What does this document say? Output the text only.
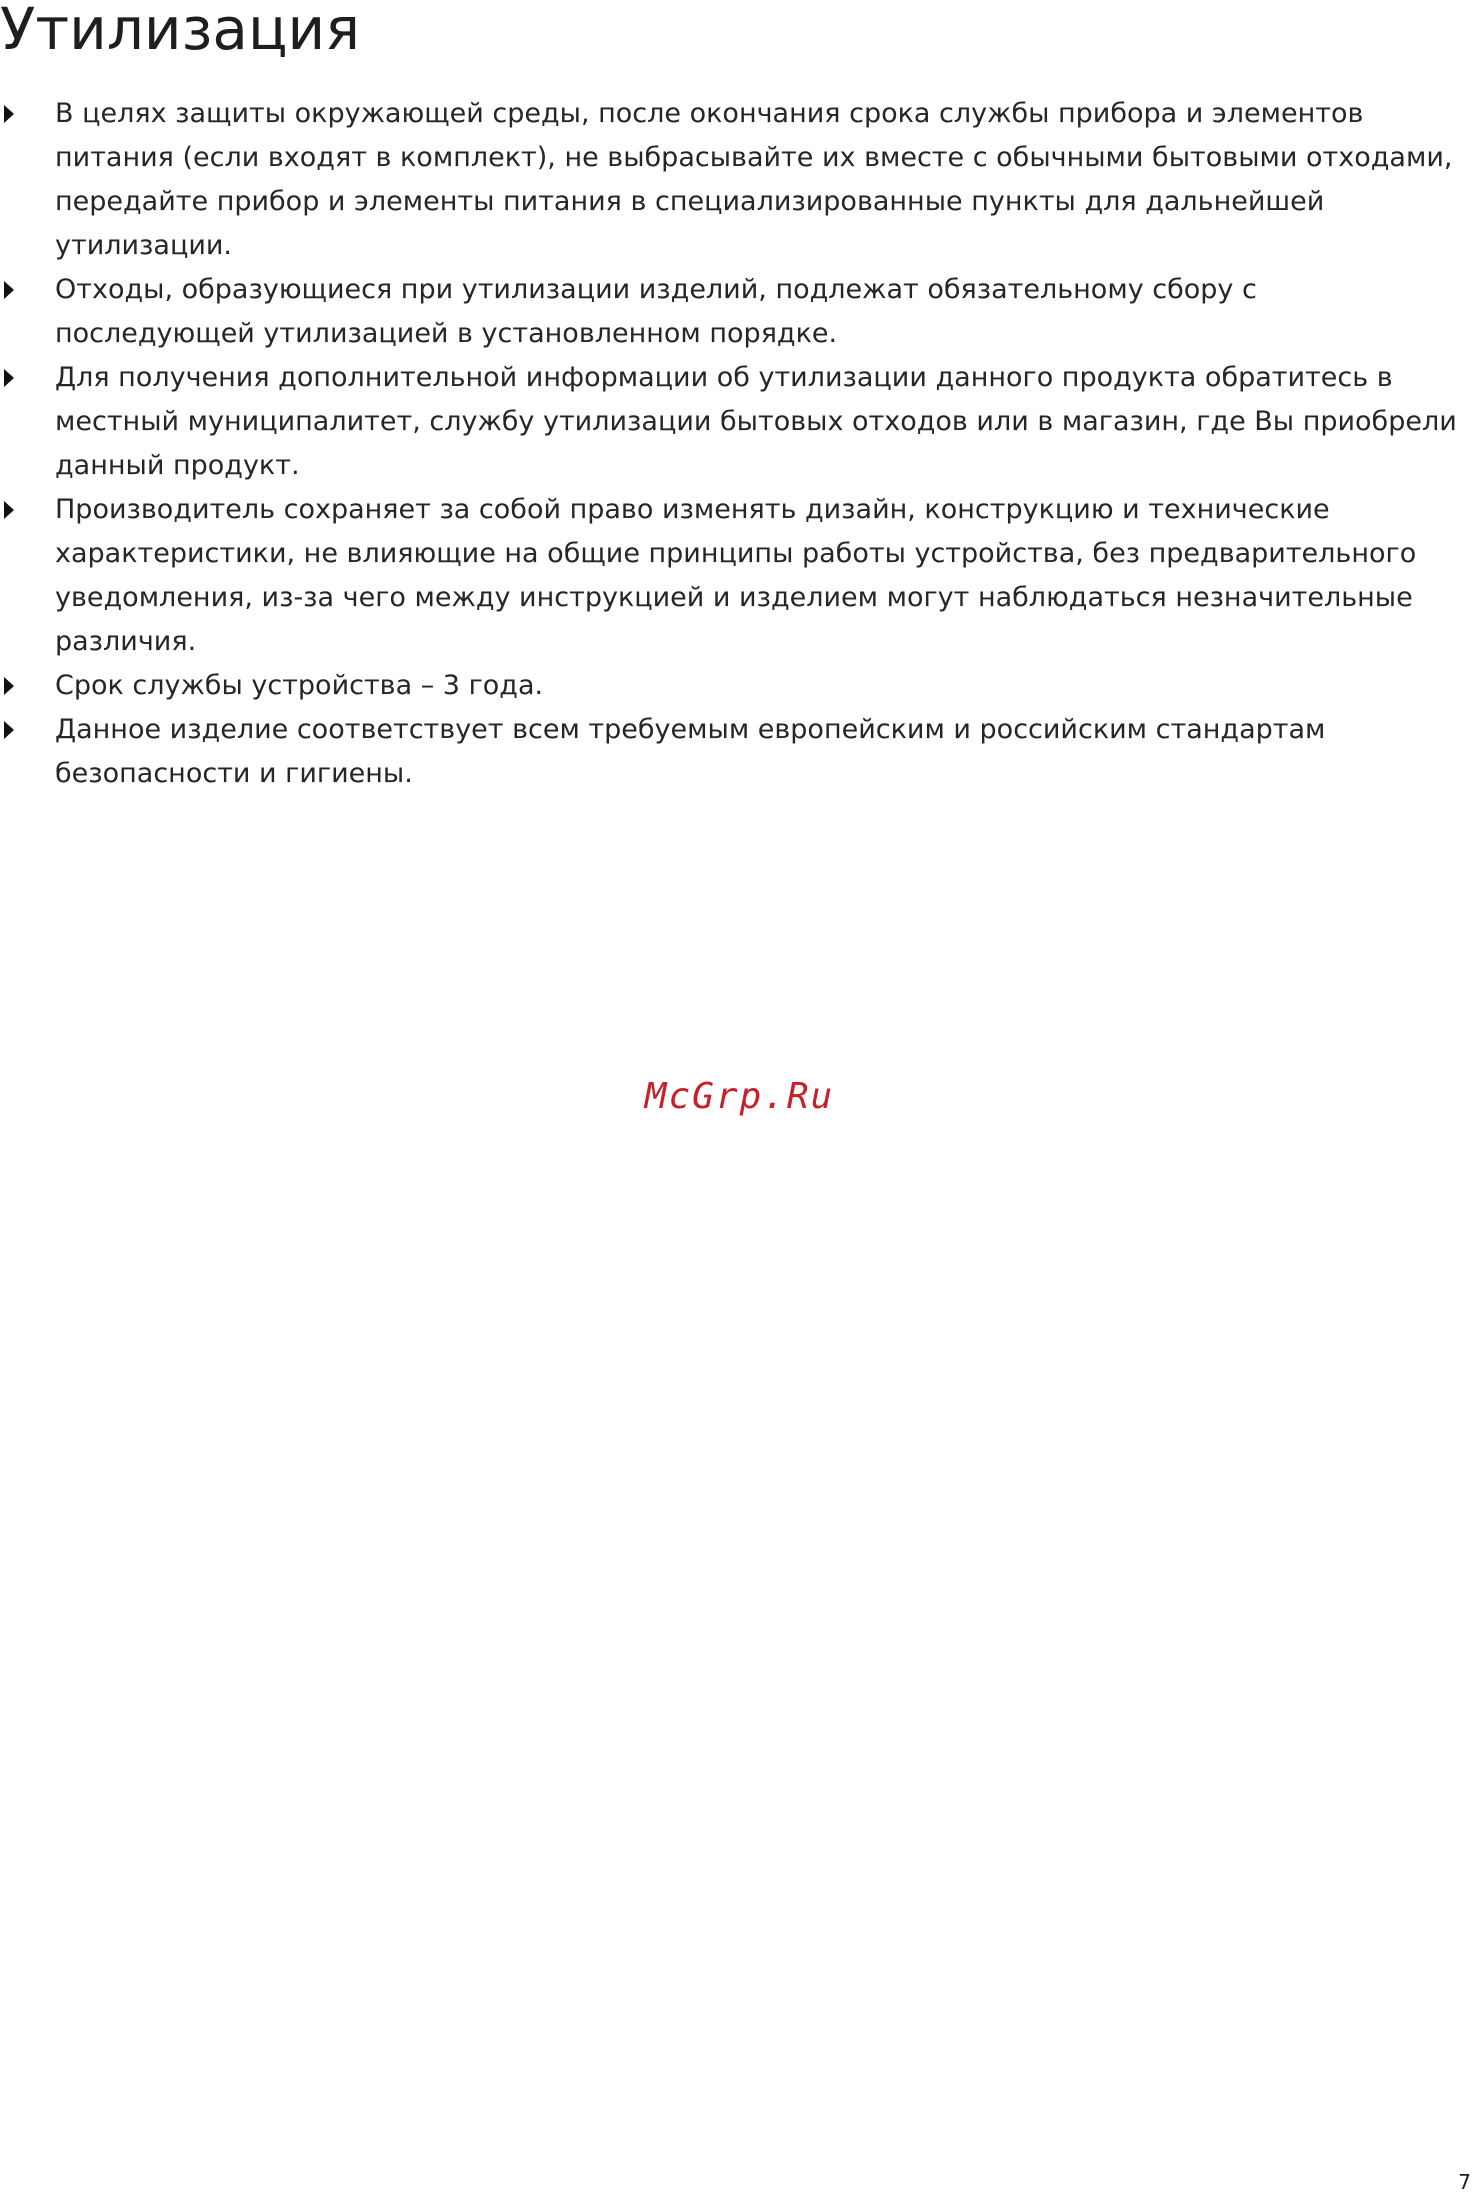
Утилизация
В целях защиты окружающей среды, после окончания срока службы прибора и элементов питания (если входят в комплект), не выбрасывайте их вместе с обычными бытовыми отходами, передайте прибор и элементы питания в специализированные пункты для дальнейшей утилизации.
Отходы, образующиеся при утилизации изделий, подлежат обязательному сбору с последующей утилизацией в установленном порядке.
Для получения дополнительной информации об утилизации данного продукта обратитесь в местный муниципалитет, службу утилизации бытовых отходов или в магазин, где Вы приобрели данный продукт.
Производитель сохраняет за собой право изменять дизайн, конструкцию и технические характеристики, не влияющие на общие принципы работы устройства, без предварительного уведомления, из-за чего между инструкцией и изделием могут наблюдаться незначительные различия.
Срок службы устройства – 3 года.
Данное изделие соответствует всем требуемым европейским и российским стандартам безопасности и гигиены.
McGrp.Ru
7
